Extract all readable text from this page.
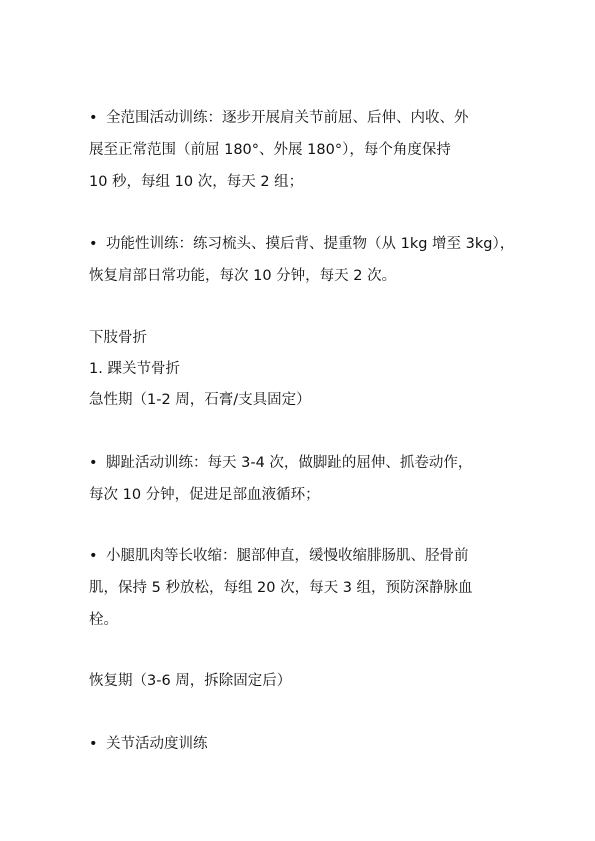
• 全范围活动训练：逐步开展肩关节前屈、后伸、内收、外
展至正常范围（前屈 180°、外展 180°），每个角度保持
10 秒，每组 10 次，每天 2 组；
• 功能性训练：练习梳头、摸后背、提重物（从 1kg 增至 3kg），
恢复肩部日常功能，每次 10 分钟，每天 2 次。
下肢骨折
1. 踝关节骨折
急性期（1-2 周，石膏/支具固定）
• 脚趾活动训练：每天 3-4 次，做脚趾的屈伸、抓卷动作，
每次 10 分钟，促进足部血液循环；
• 小腿肌肉等长收缩：腿部伸直，缓慢收缩腓肠肌、胫骨前
肌，保持 5 秒放松，每组 20 次，每天 3 组，预防深静脉血
栓。
恢复期（3-6 周，拆除固定后）
• 关节活动度训练
